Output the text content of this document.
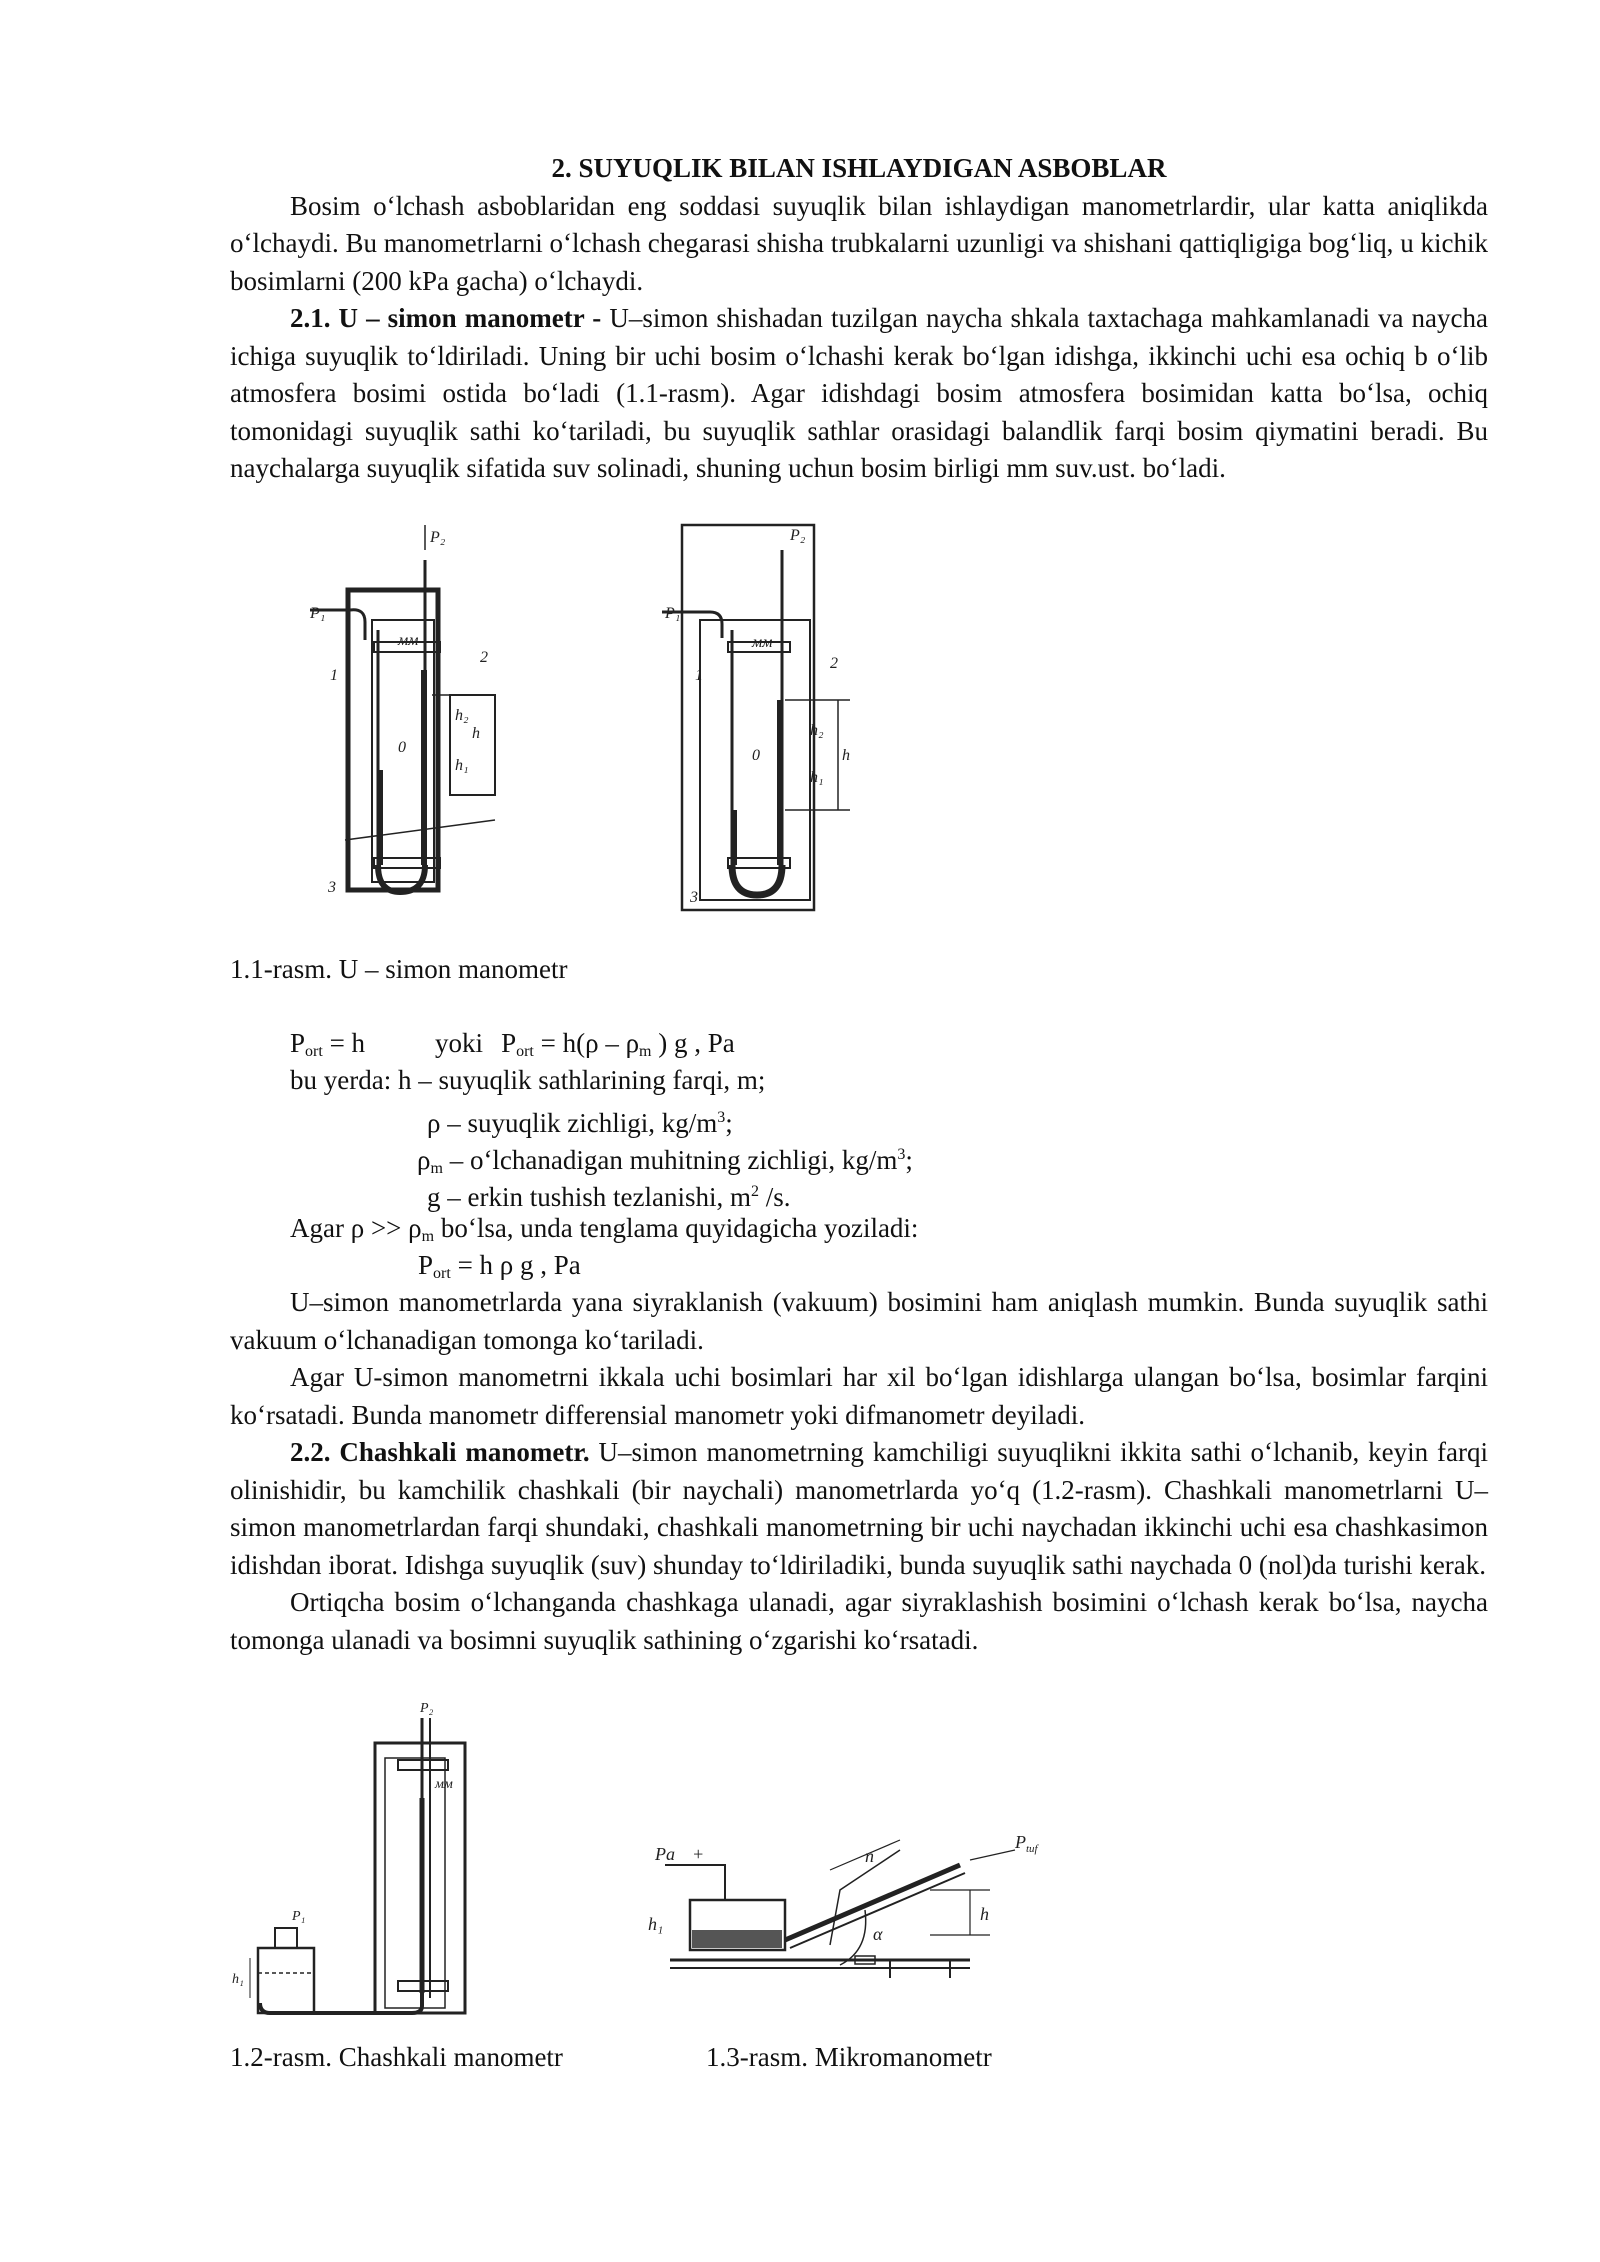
2. SUYUQLIK BILAN ISHLAYDIGAN ASBOBLAR

Bosim o‘lchash asboblaridan eng soddasi suyuqlik bilan ishlaydigan manometrlardir, ular katta aniqlikda o‘lchaydi. Bu manometrlarni o‘lchash chegarasi shisha trubkalarni uzunligi va shishani qattiqligiga bog‘liq, u kichik bosimlarni (200 kPa gacha) o‘lchaydi.

2.1. U – simon manometr - U–simon shishadan tuzilgan naycha shkala taxtachaga mahkamlanadi va naycha ichiga suyuqlik to‘ldiriladi. Uning bir uchi bosim o‘lchashi kerak bo‘lgan idishga, ikkinchi uchi esa ochiq b o‘lib atmosfera bosimi ostida bo‘ladi (1.1-rasm). Agar idishdagi bosim atmosfera bosimidan katta bo‘lsa, ochiq tomonidagi suyuqlik sathi ko‘tariladi, bu suyuqlik sathlar orasidagi balandlik farqi bosim qiymatini beradi. Bu naychalarga suyuqlik sifatida suv solinadi, shuning uchun bosim birligi mm suv.ust. bo‘ladi.

P₁
P₂
1
2
3
мм
0
h
h₂
h₁
P₁
P₂
1
2
3
мм
0	h
h₂
h₁
1.1-rasm. U – simon manometr
$P_{ort} = h$	yoki $P_{ort} = h(\rho - \rho_m$ ) g , Pa
bu yerda: h – suyuqlik sathlarining farqi, m;
ρ – suyuqlik zichligi, $kg/m^3$;
$\rho_m$ – o‘lchanadigan muhitning zichligi, $kg/m^3$;
g – erkin tushish tezlanishi, $m^2$ /s.
Agar $\rho >> \rho_m$ bo‘lsa, unda tenglama quyidagicha yoziladi:
$P_{ort} = h$ ρ g , Pa

U–simon manometrlarda yana siyraklanish (vakuum) bosimini ham aniqlash mumkin. Bunda suyuqlik sathi vakuum o‘lchanadigan tomonga ko‘tariladi.

Agar U-simon manometrni ikkala uchi bosimlari har xil bo‘lgan idishlarga ulangan bo‘lsa, bosimlar farqini ko‘rsatadi. Bunda manometr differensial manometr yoki difmanometr deyiladi.

2.2. Chashkali manometr. U–simon manometrning kamchiligi suyuqlikni ikkita sathi o‘lchanib, keyin farqi olinishidir, bu kamchilik chashkali (bir naychali) manometrlarda yo‘q (1.2-rasm). Chashkali manometrlarni U–simon manometrlardan farqi shundaki, chashkali manometrning bir uchi naychadan ikkinchi uchi esa chashkasimon idishdan iborat. Idishga suyuqlik (suv) shunday to‘ldiriladiki, bunda suyuqlik sathi naychada 0 (nol)da turishi kerak.

Ortiqcha bosim o‘lchanganda chashkaga ulanadi, agar siyraklashish bosimini o‘lchash kerak bo‘lsa, naycha tomonga ulanadi va bosimni suyuqlik sathining o‘zgarishi ko‘rsatadi.

P₂
P₁
мм
h₁
Pa +
$P_{tuf}$
n
h
h₁	α
1.2-rasm. Chashkali manometr	1.3-rasm. Mikromanometr
